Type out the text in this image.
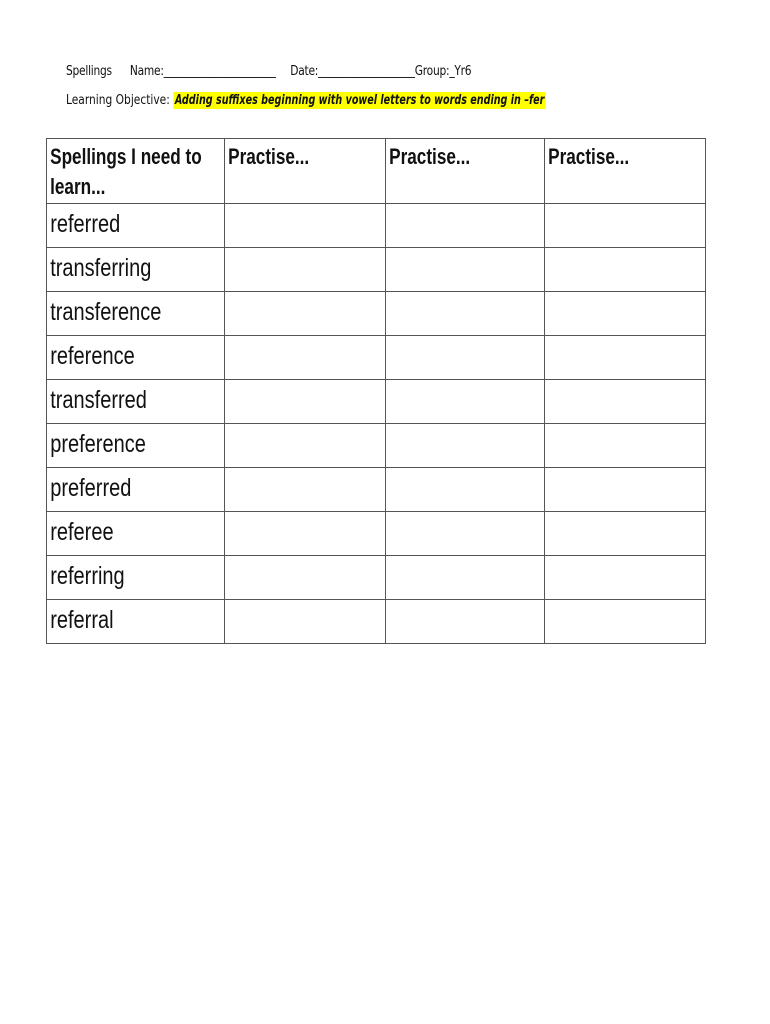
Spellings Name:______________________ Date:___________________Group:_Yr6
Learning Objective: Adding suffixes beginning with vowel letters to words ending in –fer
Spellings I need to learn...	Practise...	Practise...	Practise...

referred			

transferring			

transference			

reference			

transferred			

preference			

preferred			

referee			

referring			

referral			
